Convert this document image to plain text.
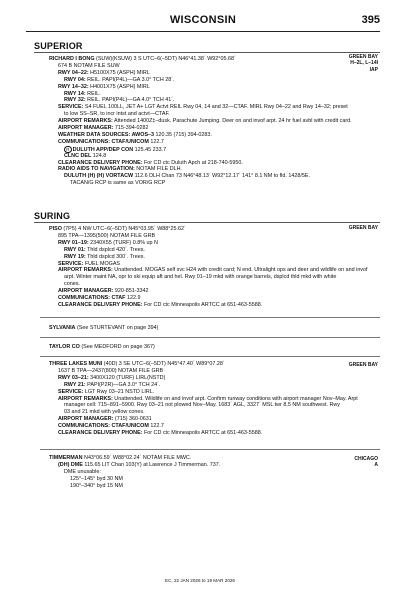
WISCONSIN	395
SUPERIOR
GREEN BAY
H–2L, L–14I
IAP
RICHARD I BONG (SUW)(KSUW) 3 S UTC–6(–5DT) N46°41.38´ W92°05.68´
674 B NOTAM FILE SUW
RWY 04–22: H5100X75 (ASPH) MIRL
RWY 04: REIL. PAPI(P4L)—GA 3.0° TCH 28´.
RWY 14–32: H4001X75 (ASPH) MIRL
RWY 14: REIL.
RWY 32: REIL. PAPI(P4L)—GA 4.0° TCH 41´.
SERVICE: S4 FUEL 100LL, JET A+ LGT Actvt REIL Rwy 04, 14 and 32—CTAF. MIRL Rwy 04–22 and Rwy 14–32; preset
to low SS–SR, to incr intst and actvt—CTAF.
AIRPORT REMARKS: Attended 1400Z‡–dusk. Parachute Jumping. Deer on and invof arpt. 24 hr fuel avbl with credit card.
AIRPORT MANAGER: 715-394-0282
WEATHER DATA SOURCES: AWOS–3 120.35 (715) 394-0283.
COMMUNICATIONS: CTAF/UNICOM 122.7
R DULUTH APP/DEP CON 125.45 233.7
CLNC DEL 124.8
CLEARANCE DELIVERY PHONE: For CD ctc Duluth Apch at 218-740-5950.
RADIO AIDS TO NAVIGATION: NOTAM FILE DLH.
DULUTH (H) (H) VORTACW 112.6 DLH Chan 73 N46°48.13´ W92°12.17´ 141° 8.1 NM to fld. 1428/5E.
TACAN/G RCP is same as VOR/G RCP
SURING
GREEN BAY
PISO (7P5) 4 NW UTC–6(–5DT) N45°03.95´ W88°25.62´
895 TPA—1395(500) NOTAM FILE GRB
RWY 01–19: 2340X55 (TURF) 0.8% up N
RWY 01: Thld dsplcd 420´. Trees.
RWY 19: Thld dsplcd 300´. Trees.
SERVICE: FUEL MOGAS
AIRPORT REMARKS: Unattended. MOGAS self svc H24 with credit card; N end. Ultralight ops and deer and wildlife on and invof
arpt. Winter maint NA, opr to ski equip aft and hel. Rwy 01–19 mkd with orange barrels, dsplcd thld mkd with white
cones.
AIRPORT MANAGER: 920-851-3342
COMMUNICATIONS: CTAF 122.9
CLEARANCE DELIVERY PHONE: For CD ctc Minneapolis ARTCC at 651-463-5588.
SYLVANIA (See STURTEVANT on page 394)
TAYLOR CO (See MEDFORD on page 367)
GREEN BAY
THREE LAKES MUNI (40D) 3 SE UTC–6(–5DT) N45°47.40´ W89°07.28´
1637 B TPA—2437(800) NOTAM FILE GRB
RWY 03–21: 3400X120 (TURF) LIRL(NSTD)
RWY 21: PAPI(P2R)—GA 3.0° TCH 24´.
SERVICE: LGT Rwy 03–21 NSTD LIRL.
AIRPORT REMARKS: Unattended. Wildlife on and invof arpt. Confirm runway conditions with airport manager Nov–May. Arpt
manager cell: 715–891–5900. Rwy 03–21 not plowed Nov–May. 1683´ AGL, 3327´ MSL twr 8.5 NM southwest. Rwy
03 and 21 mkd with yellow cones.
AIRPORT MANAGER: (715) 360-0631
COMMUNICATIONS: CTAF/UNICOM 122.7
CLEARANCE DELIVERY PHONE: For CD ctc Minneapolis ARTCC at 651-463-5588.
CHICAGO
A
TIMMERMAN N43°06.59´ W88°02.24´ NOTAM FILE MWC.
(DH) DME 115.65 LIT Chan 103(Y) at Lawrence J Timmerman. 737.
DME unusable:
125°–145° byd 30 NM
190°–340° byd 15 NM
EC, 22 JAN 2026 to 19 MAR 2026
